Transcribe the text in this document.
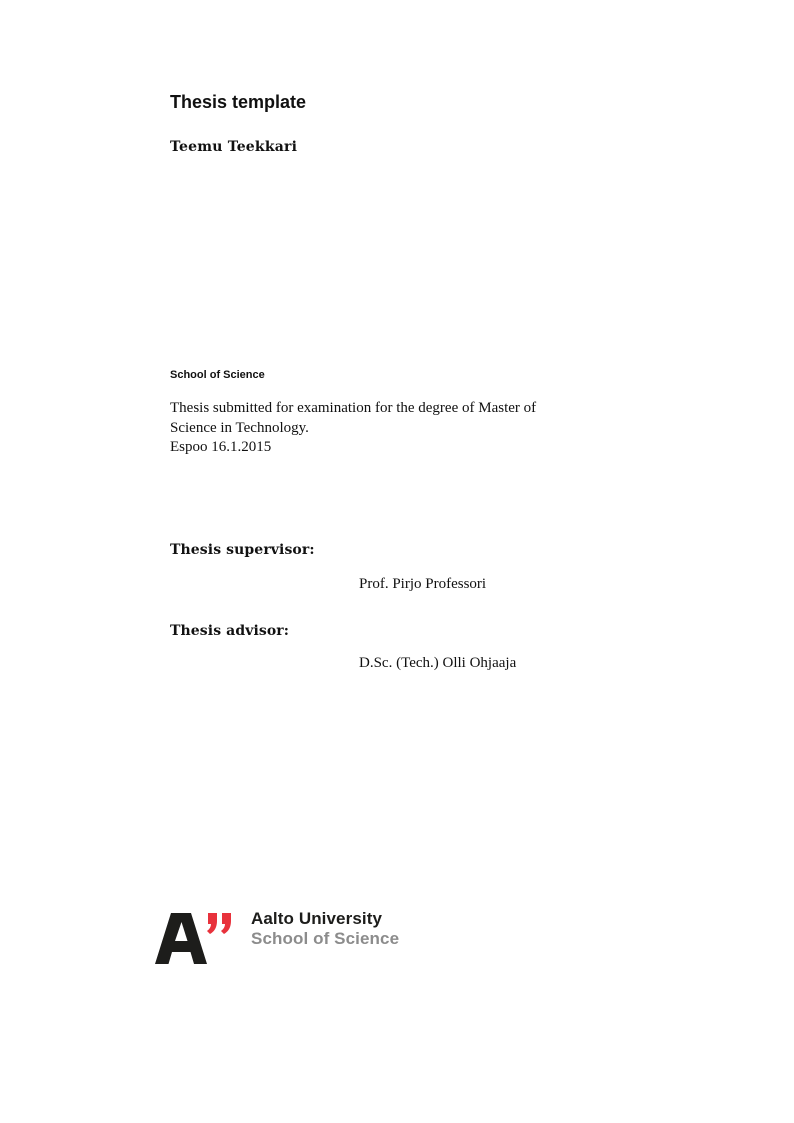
Thesis template
Teemu Teekkari
School of Science
Thesis submitted for examination for the degree of Master of Science in Technology.
Espoo 16.1.2015
Thesis supervisor:
Prof. Pirjo Professori
Thesis advisor:
D.Sc. (Tech.) Olli Ohjaaja
Aalto University
School of Science
